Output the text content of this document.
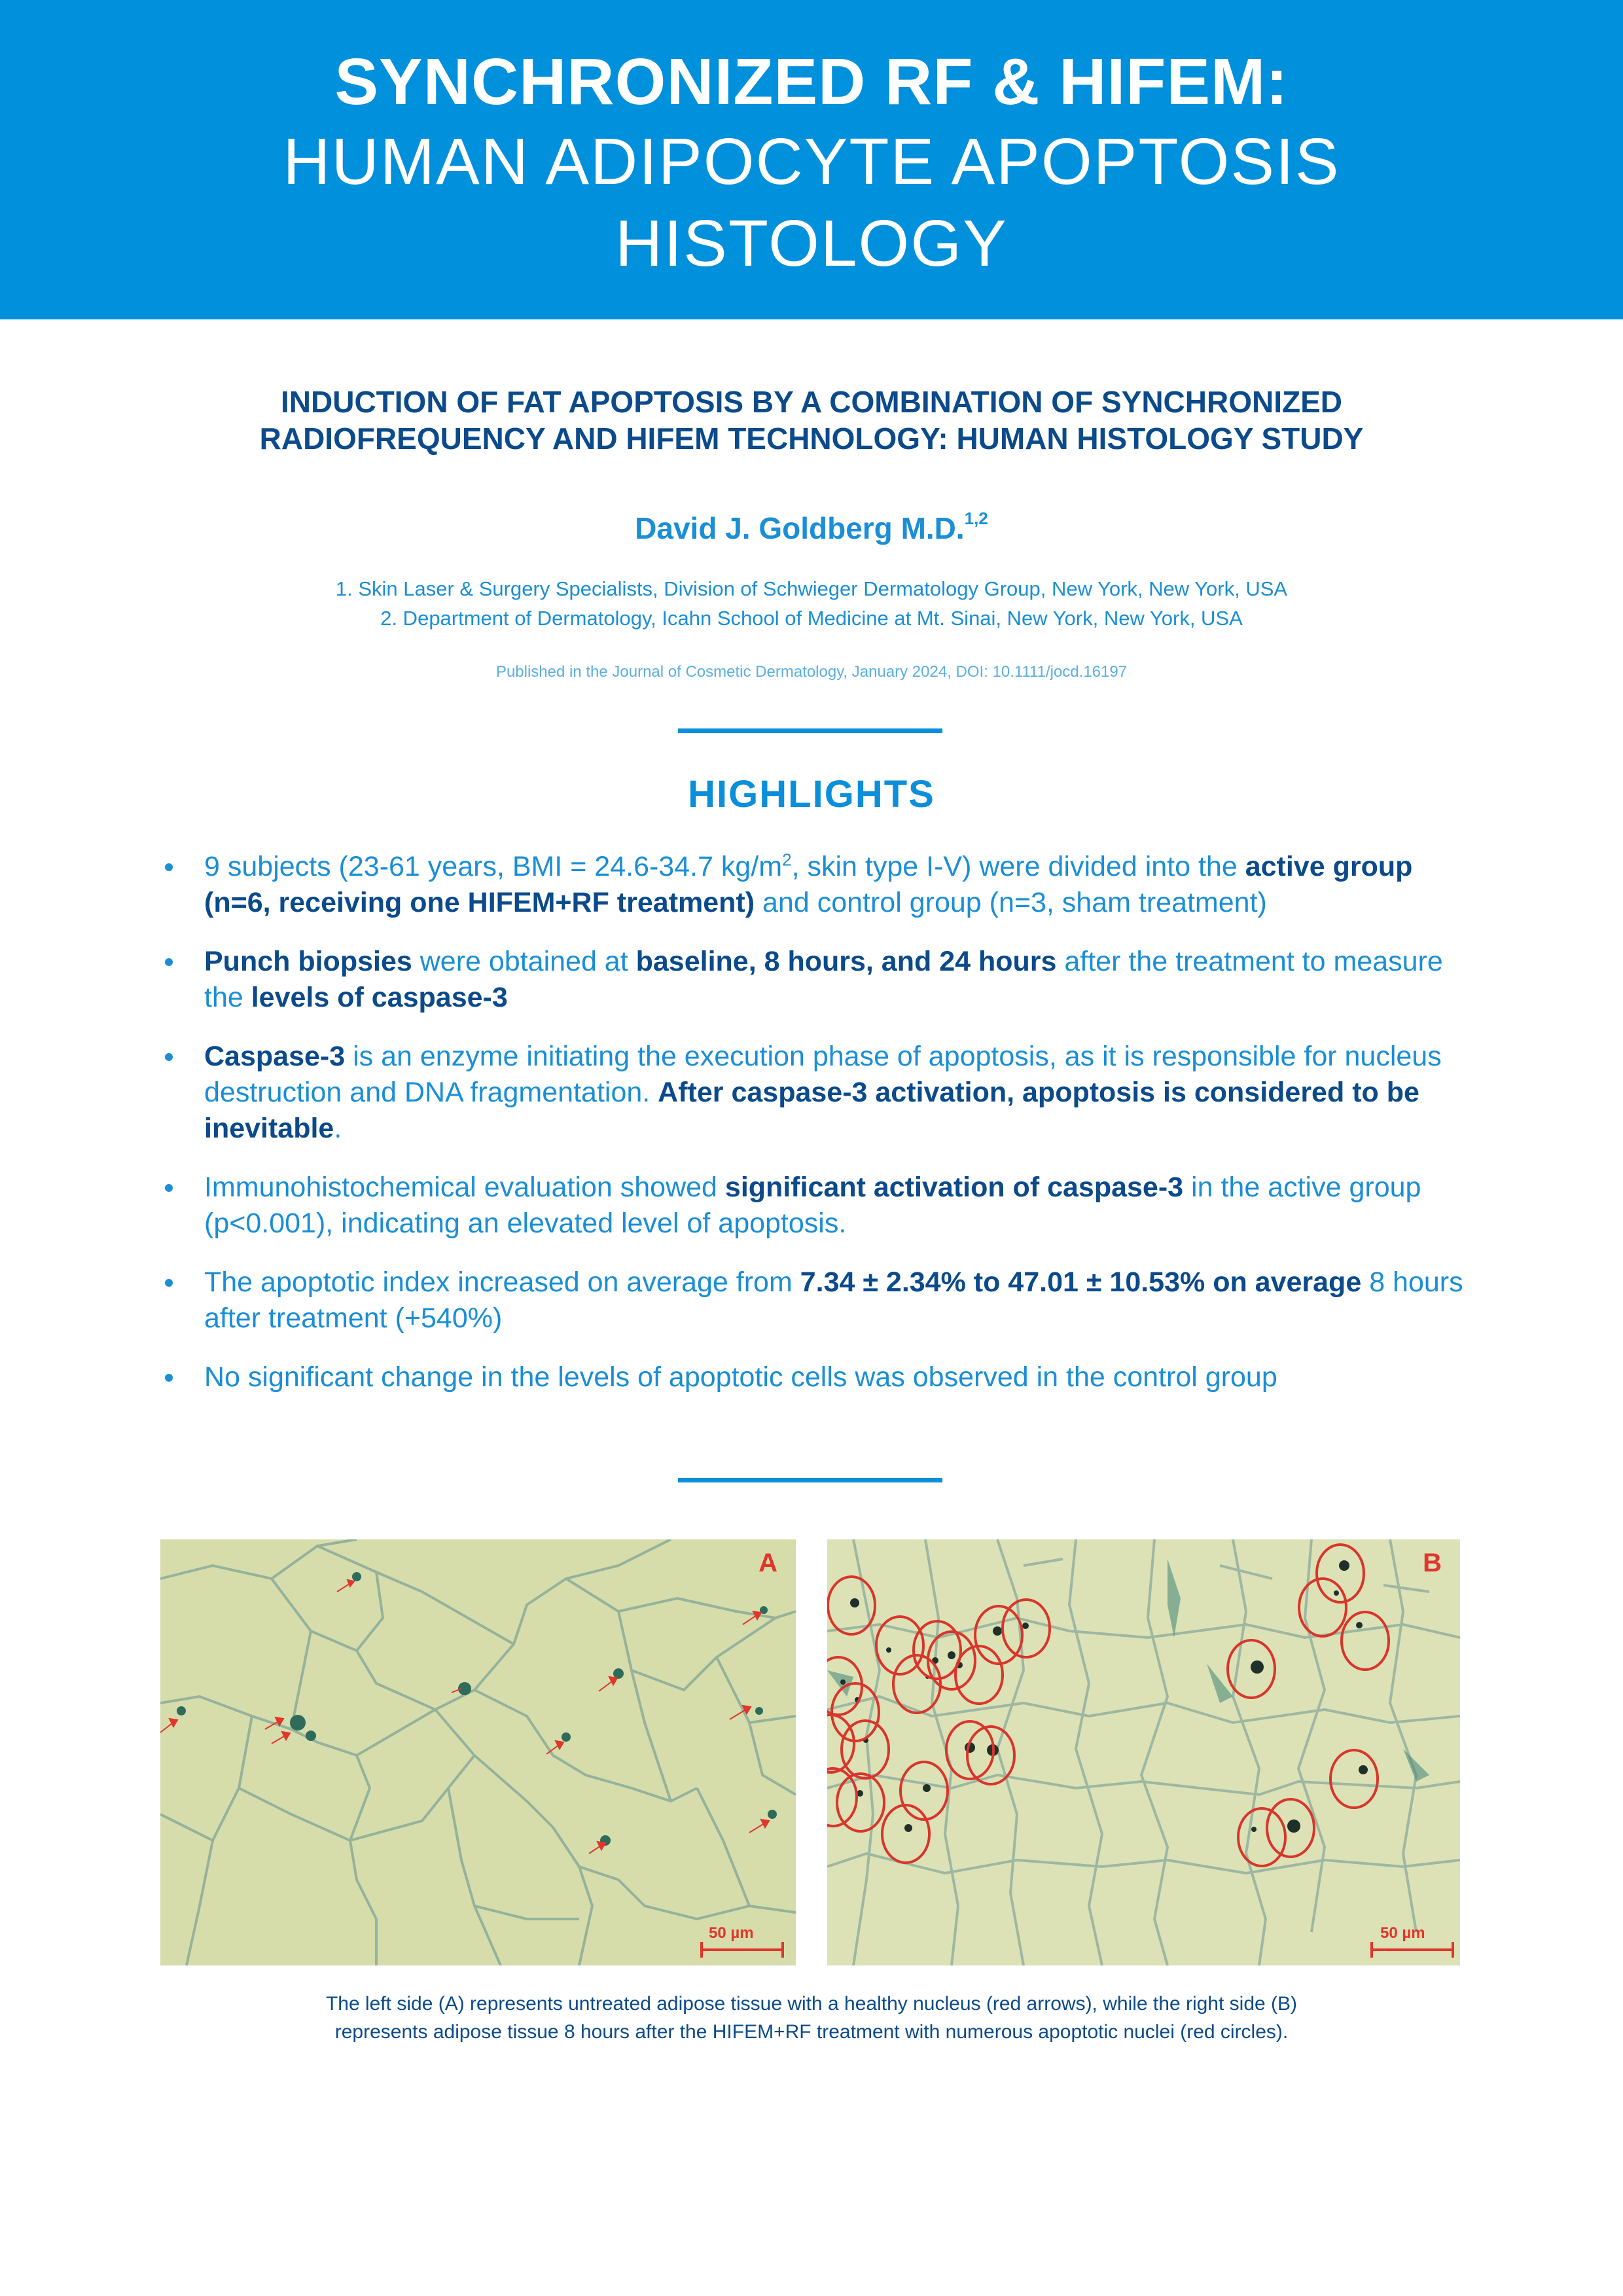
SYNCHRONIZED RF & HIFEM:
HUMAN ADIPOCYTE APOPTOSIS
HISTOLOGY
INDUCTION OF FAT APOPTOSIS BY A COMBINATION OF SYNCHRONIZED
RADIOFREQUENCY AND HIFEM TECHNOLOGY: HUMAN HISTOLOGY STUDY
David J. Goldberg M.D.$^{1,2}$
1. Skin Laser & Surgery Specialists, Division of Schwieger Dermatology Group, New York, New York, USA
2. Department of Dermatology, Icahn School of Medicine at Mt. Sinai, New York, New York, USA
Published in the Journal of Cosmetic Dermatology, January 2024, DOI: 10.1111/jocd.16197
HIGHLIGHTS
9 subjects (23-61 years, BMI = 24.6-34.7 $kg/m^2$, skin type I-V) were divided into the active group (n=6, receiving one HIFEM+RF treatment) and control group (n=3, sham treatment)
Punch biopsies were obtained at baseline, 8 hours, and 24 hours after the treatment to measure the levels of caspase-3
Caspase-3 is an enzyme initiating the execution phase of apoptosis, as it is responsible for nucleus destruction and DNA fragmentation. After caspase-3 activation, apoptosis is considered to be inevitable.
Immunohistochemical evaluation showed significant activation of caspase-3 in the active group (p<0.001), indicating an elevated level of apoptosis.
The apoptotic index increased on average from 7.34 ± 2.34% to 47.01 ± 10.53% on average 8 hours after treatment (+540%)
No significant change in the levels of apoptotic cells was observed in the control group
A
50 µm
B
50 µm
The left side (A) represents untreated adipose tissue with a healthy nucleus (red arrows), while the right side (B)
represents adipose tissue 8 hours after the HIFEM+RF treatment with numerous apoptotic nuclei (red circles).
